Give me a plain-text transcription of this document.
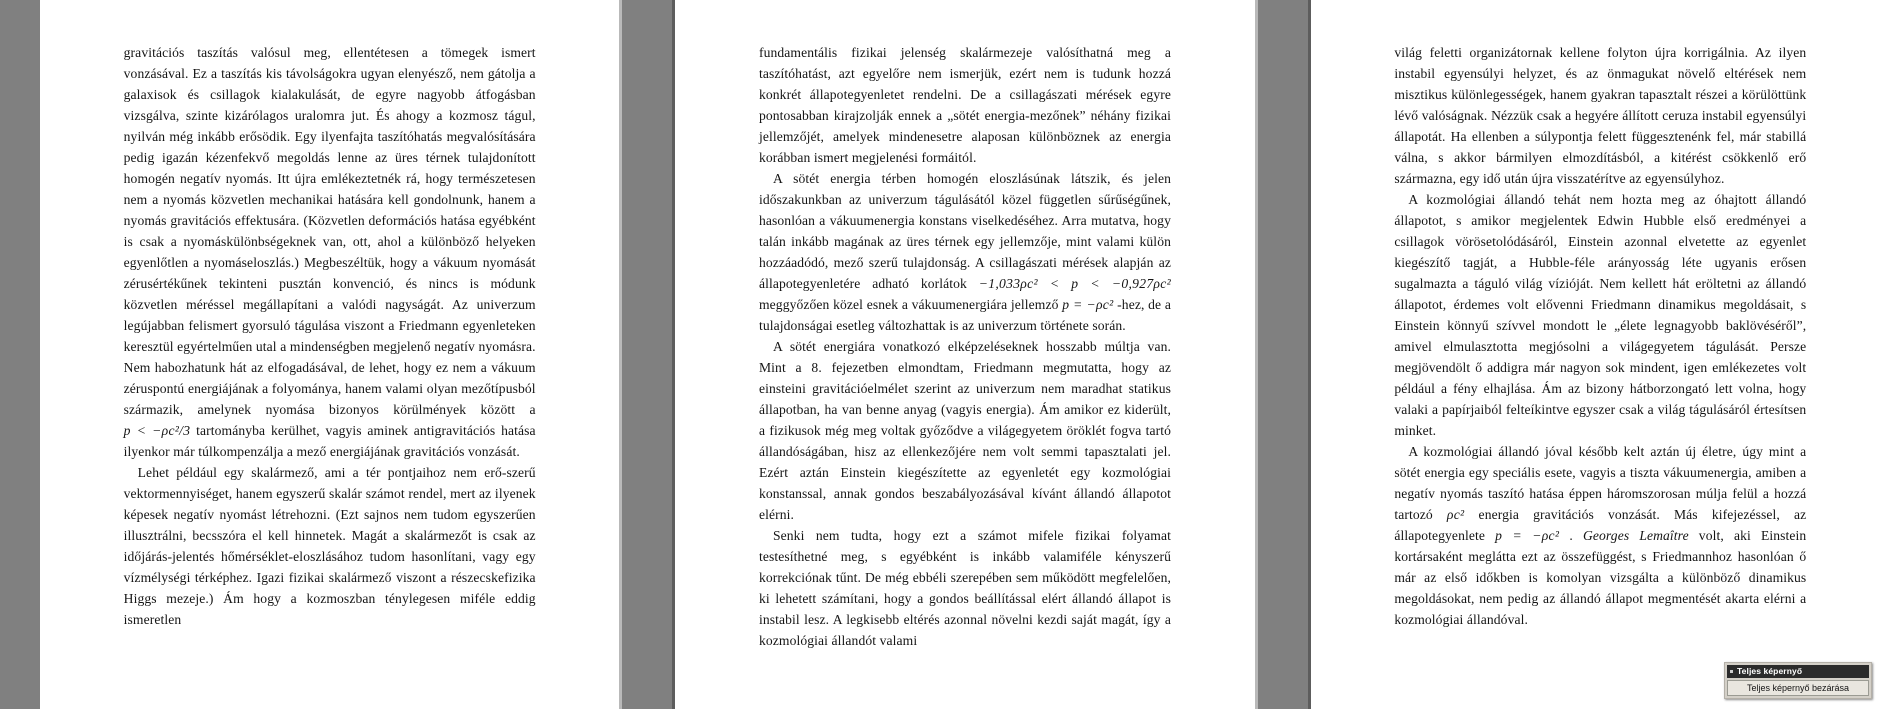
gravitációs taszítás valósul meg, ellentétesen a tömegek ismert vonzásával. Ez a taszítás kis távolságokra ugyan elenyésző, nem gátolja a galaxisok és csillagok kialakulását, de egyre nagyobb átfogásban vizsgálva, szinte kizárólagos uralomra jut. És ahogy a kozmosz tágul, nyilván még inkább erősödik. Egy ilyenfajta taszítóhatás megvalósítására pedig igazán kézenfekvő megoldás lenne az üres térnek tulajdonított homogén negatív nyomás. Itt újra emlékeztetnék rá, hogy természetesen nem a nyomás közvetlen mechanikai hatására kell gondolnunk, hanem a nyomás gravitációs effektusára. (Közvetlen deformációs hatása egyébként is csak a nyomáskülönbségeknek van, ott, ahol a különböző helyeken egyenlőtlen a nyomáseloszlás.) Megbeszéltük, hogy a vákuum nyomását zérusértékűnek tekinteni pusztán konvenció, és nincs is módunk közvetlen méréssel megállapítani a valódi nagyságát. Az univerzum legújabban felismert gyorsuló tágulása viszont a Friedmann egyenleteken keresztül egyértelműen utal a mindenségben megjelenő negatív nyomásra. Nem habozhatunk hát az elfogadásával, de lehet, hogy ez nem a vákuum zéruspontú energiájának a folyománya, hanem valami olyan mezőtípusból származik, amelynek nyomása bizonyos körülmények között a p < −ρc²/3 tartományba kerülhet, vagyis aminek antigravitációs hatása ilyenkor már túlkompenzálja a mező energiájának gravitációs vonzását.

Lehet például egy skalármező, ami a tér pontjaihoz nem erő-szerű vektormennyiséget, hanem egyszerű skalár számot rendel, mert az ilyenek képesek negatív nyomást létrehozni. (Ezt sajnos nem tudom egyszerűen illusztrálni, becsszóra el kell hinnetek. Magát a skalármezőt is csak az időjárás-jelentés hőmérséklet-eloszlásához tudom hasonlítani, vagy egy vízmélységi térképhez. Igazi fizikai skalármező viszont a részecskefizika Higgs mezeje.) Ám hogy a kozmoszban ténylegesen miféle eddig ismeretlen

fundamentális fizikai jelenség skalármezeje valósíthatná meg a taszítóhatást, azt egyelőre nem ismerjük, ezért nem is tudunk hozzá konkrét állapotegyenletet rendelni. De a csillagászati mérések egyre pontosabban kirajzolják ennek a „sötét energia-mezőnek” néhány fizikai jellemzőjét, amelyek mindenesetre alaposan különböznek az energia korábban ismert megjelenési formáitól.

A sötét energia térben homogén eloszlásúnak látszik, és jelen időszakunkban az univerzum tágulásától közel független sűrűségűnek, hasonlóan a vákuumenergia konstans viselkedéséhez. Arra mutatva, hogy talán inkább magának az üres térnek egy jellemzője, mint valami külön hozzáadódó, mező szerű tulajdonság. A csillagászati mérések alapján az állapotegyenletére adható korlátok −1,033ρc² < p < −0,927ρc² meggyőzően közel esnek a vákuumenergiára jellemző p = −ρc² -hez, de a tulajdonságai esetleg változhattak is az univerzum története során.

A sötét energiára vonatkozó elképzeléseknek hosszabb múltja van. Mint a 8. fejezetben elmondtam, Friedmann megmutatta, hogy az einsteini gravitációelmélet szerint az univerzum nem maradhat statikus állapotban, ha van benne anyag (vagyis energia). Ám amikor ez kiderült, a fizikusok még meg voltak győződve a világegyetem öröklét fogva tartó állandóságában, hisz az ellenkezőjére nem volt semmi tapasztalati jel. Ezért aztán Einstein kiegészítette az egyenletét egy kozmológiai konstanssal, annak gondos beszabályozásával kívánt állandó állapotot elérni.

Senki nem tudta, hogy ezt a számot mifele fizikai folyamat testesíthetné meg, s egyébként is inkább valamiféle kényszerű korrekciónak tűnt. De még ebbéli szerepében sem működött megfelelően, ki lehetett számítani, hogy a gondos beállítással elért állandó állapot is instabil lesz. A legkisebb eltérés azonnal növelni kezdi saját magát, így a kozmológiai állandót valami

világ feletti organizátornak kellene folyton újra korrigálnia. Az ilyen instabil egyensúlyi helyzet, és az önmagukat növelő eltérések nem misztikus különlegességek, hanem gyakran tapasztalt részei a körülöttünk lévő valóságnak. Nézzük csak a hegyére állított ceruza instabil egyensúlyi állapotát. Ha ellenben a súlypontja felett függesztenénk fel, már stabillá válna, s akkor bármilyen elmozdításból, a kitérést csökkenlő erő származna, egy idő után újra visszatérítve az egyensúlyhoz.

A kozmológiai állandó tehát nem hozta meg az óhajtott állandó állapotot, s amikor megjelentek Edwin Hubble első eredményei a csillagok vörösetolódásáról, Einstein azonnal elvetette az egyenlet kiegészítő tagját, a Hubble-féle arányosság léte ugyanis erősen sugalmazta a táguló világ vízióját. Nem kellett hát eröltetni az állandó állapotot, érdemes volt elővenni Friedmann dinamikus megoldásait, s Einstein könnyű szívvel mondott le „élete legnagyobb baklövéséről”, amivel elmulasztotta megjósolni a világegyetem tágulását. Persze megjövendölt ő addigra már nagyon sok mindent, igen emlékezetes volt például a fény elhajlása. Ám az bizony hátborzongató lett volna, hogy valaki a papírjaiból felteíkintve egyszer csak a világ tágulásáról értesítsen minket.

A kozmológiai állandó jóval később kelt aztán új életre, úgy mint a sötét energia egy speciális esete, vagyis a tiszta vákuumenergia, amiben a negatív nyomás taszító hatása éppen háromszorosan múlja felül a hozzá tartozó ρc² energia gravitációs vonzását. Más kifejezéssel, az állapotegyenlete p = −ρc² . Georges Lemaître volt, aki Einstein kortársaként meglátta ezt az összefüggést, s Friedmannhoz hasonlóan ő már az első időkben is komolyan vizsgálta a különböző dinamikus megoldásokat, nem pedig az állandó állapot megmentését akarta elérni a kozmológiai állandóval.

Teljes képernyő
Teljes képernyő bezárása
